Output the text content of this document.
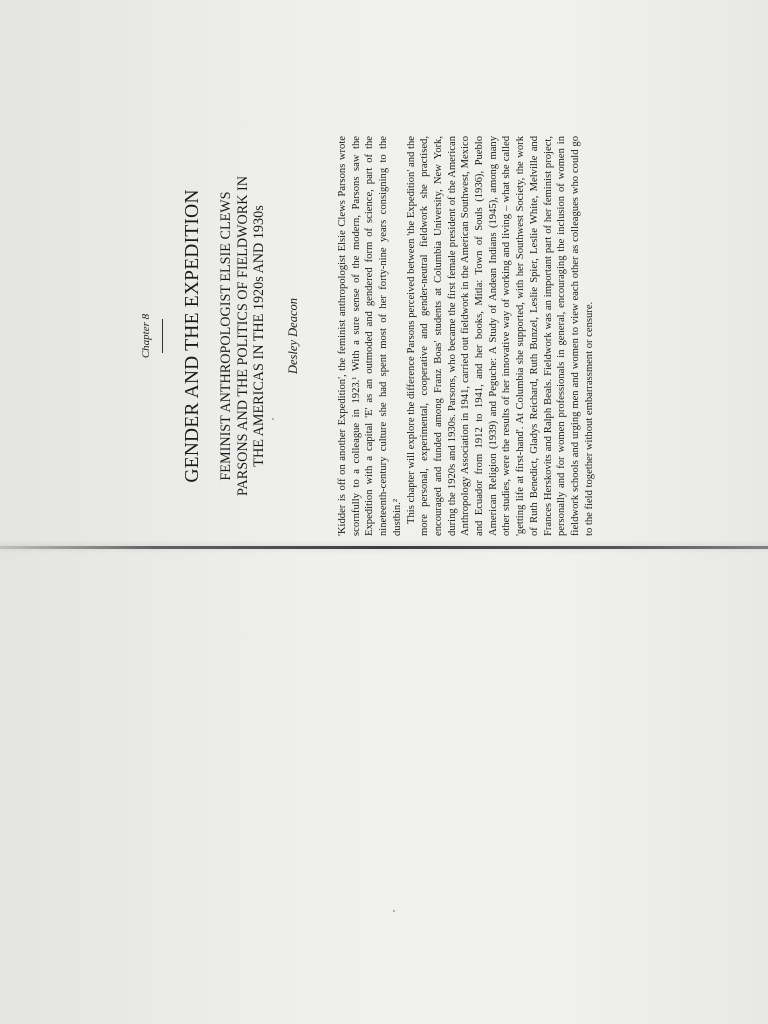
Chapter 8 GENDER AND THE EXPEDITION FEMINIST ANTHROPOLOGIST ELSIE CLEWS PARSONS AND THE POLITICS OF FIELDWORK IN THE AMERICAS IN THE 1920s AND 1930s Desley Deacon	'Kidder is off on another Expedition', the feminist anthropologist Elsie Clews Parsons wrote scornfully to a colleague in 1923.¹ With a sure sense of the modern, Parsons saw the Expedition with a capital 'E' as an outmoded and gendered form of science, part of the nineteenth-century culture she had spent most of her forty-nine years consigning to the dustbin.² This chapter will explore the difference Parsons perceived between 'the Expedition' and the more personal, experimental, cooperative and gender-neutral fieldwork she practised, encouraged and funded among Franz Boas' students at Columbia University, New York, during the 1920s and 1930s. Parsons, who became the first female president of the American Anthropology Association in 1941, carried out fieldwork in the American Southwest, Mexico and Ecuador from 1912 to 1941, and her books, Mitla: Town of Souls (1936), Pueblo American Religion (1939) and Peguche: A Study of Andean Indians (1945), among many other studies, were the results of her innovative way of working and living – what she called 'getting life at first-hand'. At Columbia she supported, with her Southwest Society, the work of Ruth Benedict, Gladys Reichard, Ruth Bunzel, Leslie Spier, Leslie White, Melville and Frances Herskovits and Ralph Beals. Fieldwork was an important part of her feminist project, personally and for women professionals in general, encouraging the inclusion of women in fieldwork schools and urging men and women to view each other as colleagues who could go to the field together without embarrassment or censure.
